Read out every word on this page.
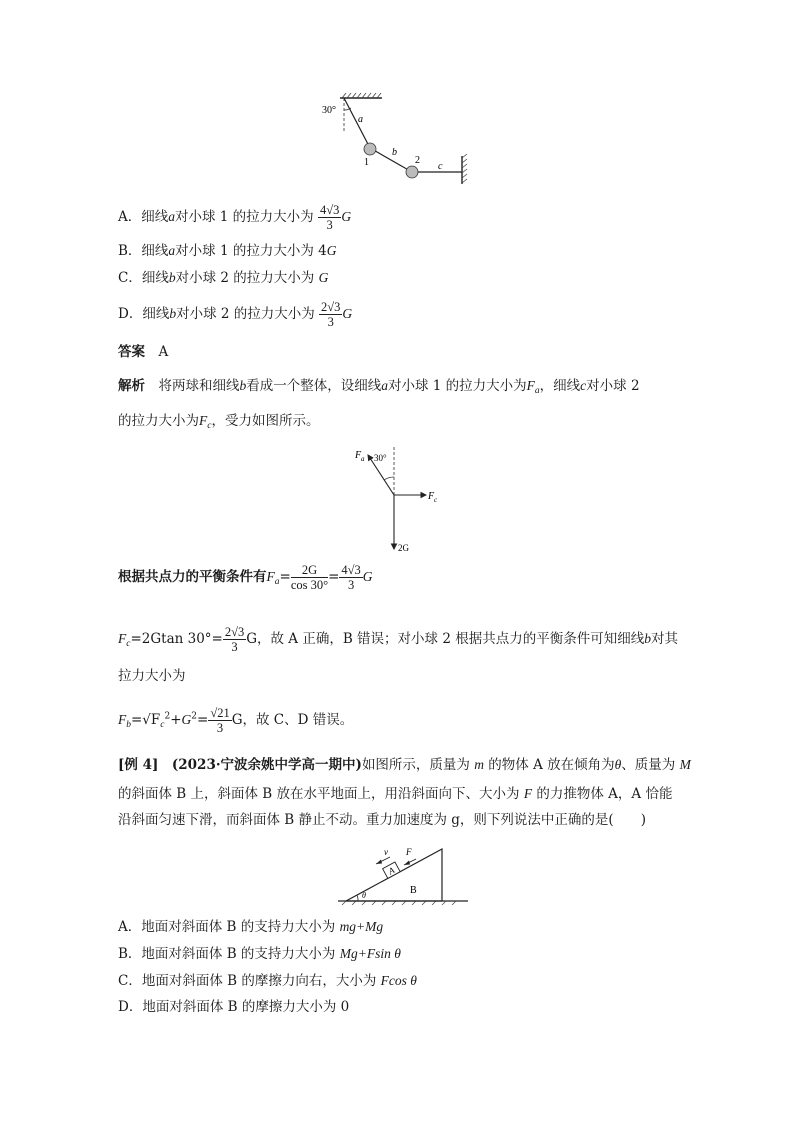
30°
a
b
c
1	2
A．细线a对小球 1 的拉力大小为 $\frac{4√3}{3}$ G
B．细线a对小球 1 的拉力大小为 4G
C．细线b对小球 2 的拉力大小为 G
D．细线b对小球 2 的拉力大小为 $\frac{2√3}{3}$ G
答案　 A
解析　 将两球和细线b看成一个整体，设细线a对小球 1 的拉力大小为$F_a$，细线c对小球 2
的拉力大小为$F_c$，受力如图所示。
F a 30°
F c
2G
根据共点力的平衡条件有$F_a= \frac{2G}{\cos 30^\circ} = \frac{4√3}{3}$ G
$F_c=2Gtan$ $30^\circ= \frac{2√3}{3}$ G，故 A 正确，B 错误；对小球 2 根据共点力的平衡条件可知细线b对其
拉力大小为
$F_b=√F_c^2+G^2= \frac{√21}{3}$ G，故 C、D 错误。
[例 4]　 (2023·宁波余姚中学高一期中)如图所示，质量为 m 的物体 A 放在倾角为θ、质量为 M
的斜面体 B 上，斜面体 B 放在水平地面上，用沿斜面向下、大小为 F 的力推物体 A，A 恰能
沿斜面匀速下滑，而斜面体 B 静止不动。重力加速度为 g，则下列说法中正确的是(　　)
A
v F
B
θ
A．地面对斜面体 B 的支持力大小为 mg+Mg
B．地面对斜面体 B 的支持力大小为 Mg+Fsin θ
C．地面对斜面体 B 的摩擦力向右，大小为 Fcos θ
D．地面对斜面体 B 的摩擦力大小为 0
